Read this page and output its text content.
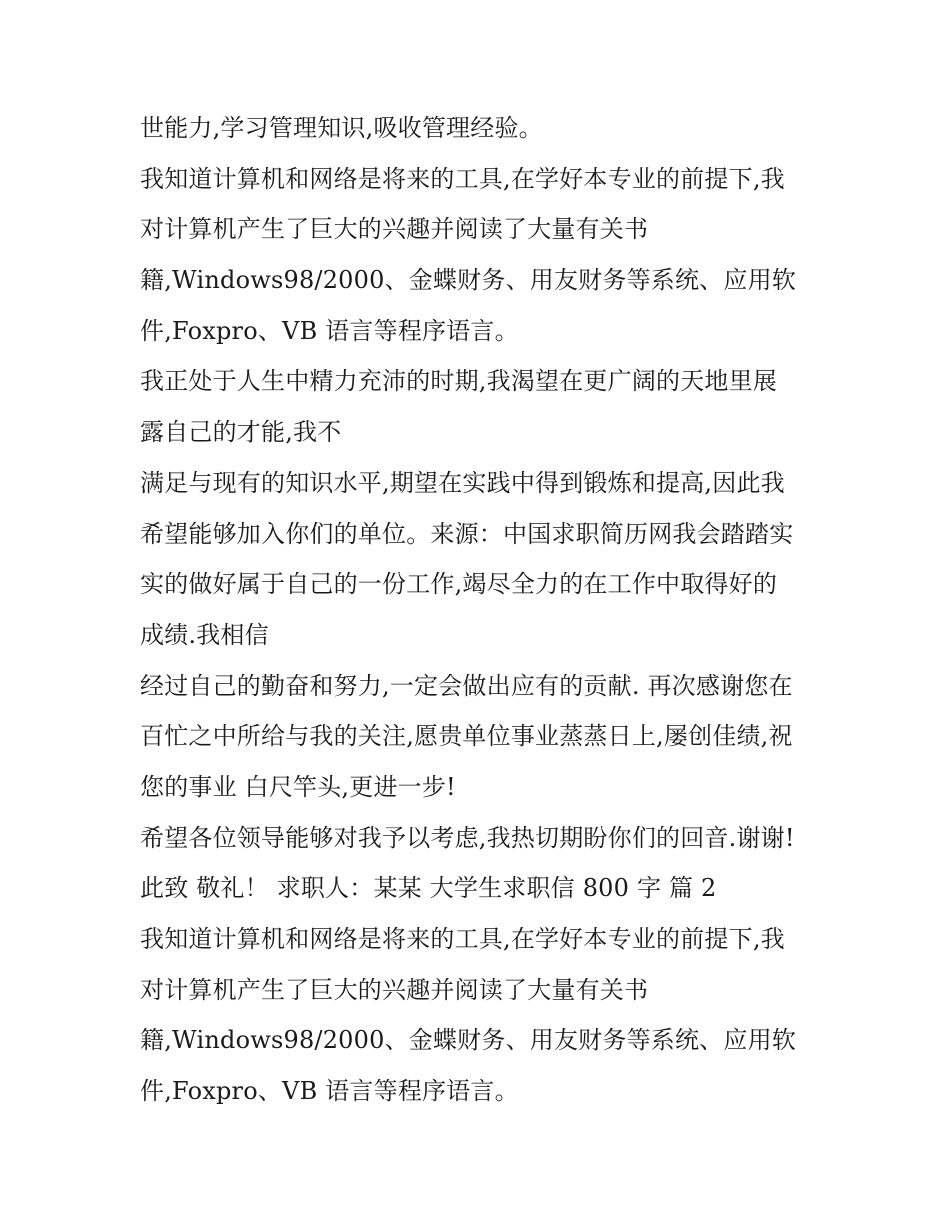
世能力,学习管理知识,吸收管理经验。
我知道计算机和网络是将来的工具,在学好本专业的前提下,我
对计算机产生了巨大的兴趣并阅读了大量有关书
籍,Windows98/2000、金蝶财务、用友财务等系统、应用软
件,Foxpro、VB 语言等程序语言。
我正处于人生中精力充沛的时期,我渴望在更广阔的天地里展
露自己的才能,我不
满足与现有的知识水平,期望在实践中得到锻炼和提高,因此我
希望能够加入你们的单位。来源：中国求职简历网我会踏踏实
实的做好属于自己的一份工作,竭尽全力的在工作中取得好的
成绩.我相信
经过自己的勤奋和努力,一定会做出应有的贡献. 再次感谢您在
百忙之中所给与我的关注,愿贵单位事业蒸蒸日上,屡创佳绩,祝
您的事业 白尺竿头,更进一步!
希望各位领导能够对我予以考虑,我热切期盼你们的回音.谢谢!
此致 敬礼！ 求职人：某某 大学生求职信 800 字 篇 2
我知道计算机和网络是将来的工具,在学好本专业的前提下,我
对计算机产生了巨大的兴趣并阅读了大量有关书
籍,Windows98/2000、金蝶财务、用友财务等系统、应用软
件,Foxpro、VB 语言等程序语言。
